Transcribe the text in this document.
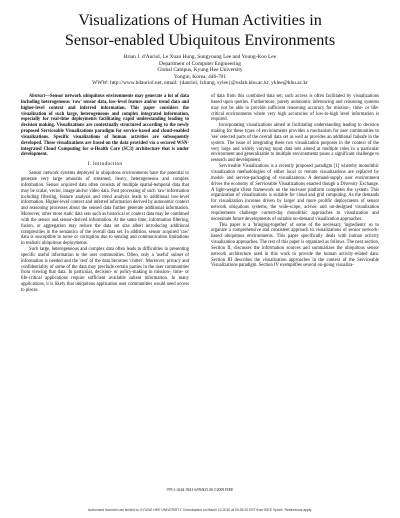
Visualizations of Human Activities in
Sensor-enabled Ubiquitous Environments
Brian J. d'Auriol, Le Xuan Hung, Sungyoung Lee and Young-Koo Lee
Department of Computer Engineering
Global Campus, Kyung Hee University
Yongin, Korea, 446-701
WWW: http://www.bdauriol.net, email: {dauriol, lxhung, sylee}@oslab.khu.ac.kr, yklee@khu.ac.kr

Abstract—Sensor network ubiquitous environments may generate a lot of data including heterogeneous 'raw' sensor data, low-level feature and/or trend data and higher-level context and inferred information. This paper considers the visualization of such large, heterogeneous and complex integrated information, especially for real-time deployments facilitating rapid understanding leading to decision making. Visualizations are contextually structured according to the newly proposed Serviceable Visualizations paradigm for service-based and cloud-enabled visualizations. Specific visualizations of human activities are subsequently developed. These visualizations are based on the data provided via a secured WSN-integrated Cloud Computing for u-Health Care (SC3) architecture that is under development.

I. Introduction

Sensor network systems deployed in ubiquitous environments have the potential to generate very large amounts of streamed, heavy, heterogeneous and complex information. Sensor acquired data often consists of multiple spatial-temporal data that may be scalar, vector, image and/or video data. Post processing of such 'raw' information including filtering, feature analysis and trend analysis leads to additional low-level information. Higher-level context and inferred information derived by autonomic context and reasoning processes about the sensed data further generate additional information. Moreover, other more static data sets such as historical or context data may be combined with the sensor and sensor-derived information. At the same time, information filtering, fusion, or aggregation may reduce the data set size albeit introducing additional complexities in the semantics of the overall data set. In addition, sensor acquired 'raw' data is susceptible to noise or corruption due to sensing and communication limitations in realistic ubiquitous deployments.

Such large, heterogeneous and complex data often leads to difficulties in presenting specific useful information to the user communities. Often, only a 'useful' subset of information is needed and the 'rest' of the data becomes 'clutter'. Moreover, privacy and confidentiality of some of the data may preclude certain parties in the user communities from viewing that data. In particular, decision- or policy-making in mission-, time- or life-critical applications require sufficient available salient information. In many applications, it is likely that ubiquitous application user communities would need access to pieces

of data from this combined data set; such access is often facilitated by visualizations based upon queries. Furthermore, purely autonomic inferencing and reasoning systems may not be able to provide sufficient reasoning accuracy for mission-, time- or life-critical environments where very high accuracies of low-to-high level information is required.

Incorporating visualizations aimed at facilitating understanding leading to decision making for these types of environments provides a mechanism for user communities to 'see' selected parts of the overall data set as well as provides an additional failsafe in the system. The issue of integrating these two visualization purposes in the context of the very large and widely varying input data sets aimed at multiple roles in a particular environment and generalizable to multiple environments poses a significant challenge to research and development.

Serviceable Visualizations is a recently proposed paradigm [1] whereby monolithic visualization methodologies of either local or remote visualizations are replaced by model- and service-packaging of visualizations. A demand-supply user environment drives the economy of Serviceable Visualizations enacted though a Diversity Exchange. A light-weight client framework on the end-user platform completes the system. This organization of visualizations is suitable for cloud and grid computing. As the demands for visualization increase driven by larger and more prolific deployments of sensor network ubiquitous systems, the wide-scope, ad-hoc and un-designed visualization requirements challenge current-day monolithic approaches to visualization and necessitate future developments of suitable on-demand visualization approaches.

This paper is a 'bringing-together' of some of the necessary 'ingredients' so to organize a comprehensive and consistent approach to visualizations of sensor network-based ubiquitous environments. This paper specifically deals with human activity visualization approaches. The rest of this paper is organized as follows. The next section, Section II, discusses the information sources and summarizes the ubiquitous sensor network architecture used in this work to provide the human activity-related data. Section III describes the visualization approaches in the context of the Serviceable Visualizations paradigm. Section IV exemplifies several on-going visualiza-

978-1-4244-3941-6/09/$25.00 ©2009 IEEE
Authorized licensed use limited to: KYUNG HEE UNIVERSITY. Downloaded on March 10,2010 at 03:35:20 EST from IEEE Xplore. Restrictions apply.
